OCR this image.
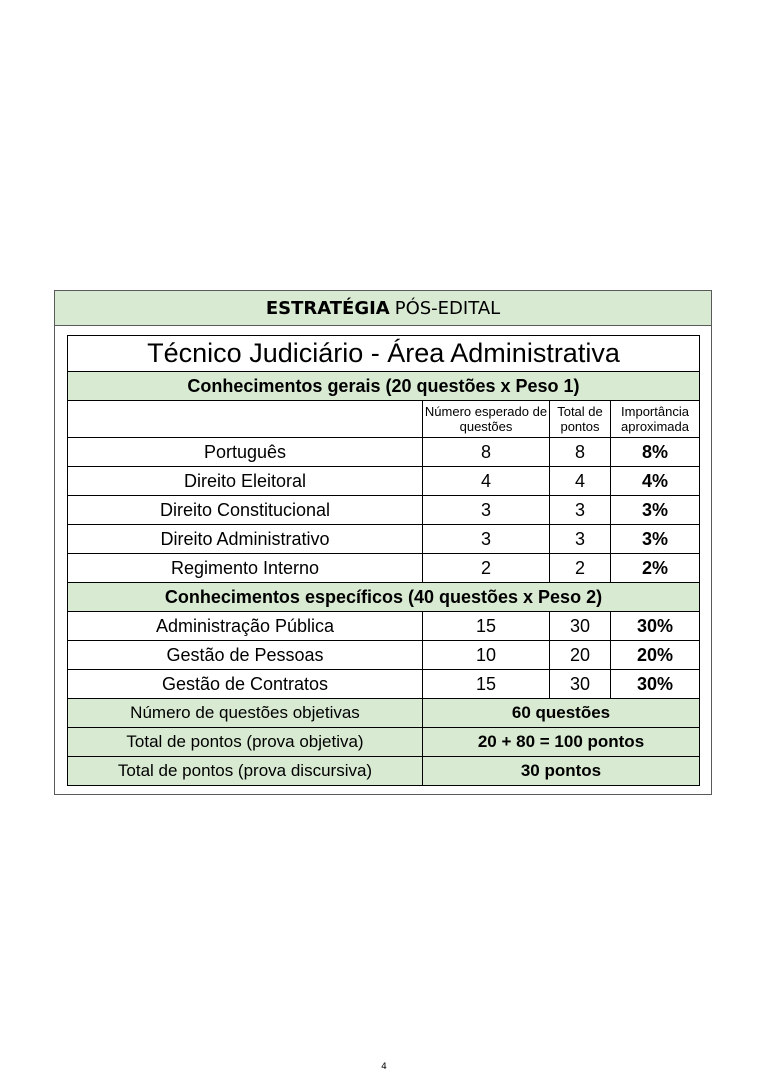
ESTRATÉGIA PÓS-EDITAL
Técnico Judiciário - Área Administrativa			
Conhecimentos gerais (20 questões x Peso 1)			
	Número esperado de questões	Total de pontos	Importância aproximada
Português	8	8	8%
Direito Eleitoral	4	4	4%
Direito Constitucional	3	3	3%
Direito Administrativo	3	3	3%
Regimento Interno	2	2	2%
Conhecimentos específicos (40 questões x Peso 2)			
Administração Pública	15	30	30%
Gestão de Pessoas	10	20	20%
Gestão de Contratos	15	30	30%
Número de questões objetivas	60 questões		
Total de pontos (prova objetiva)	20 + 80 = 100 pontos		
Total de pontos (prova discursiva)	30 pontos		
4
